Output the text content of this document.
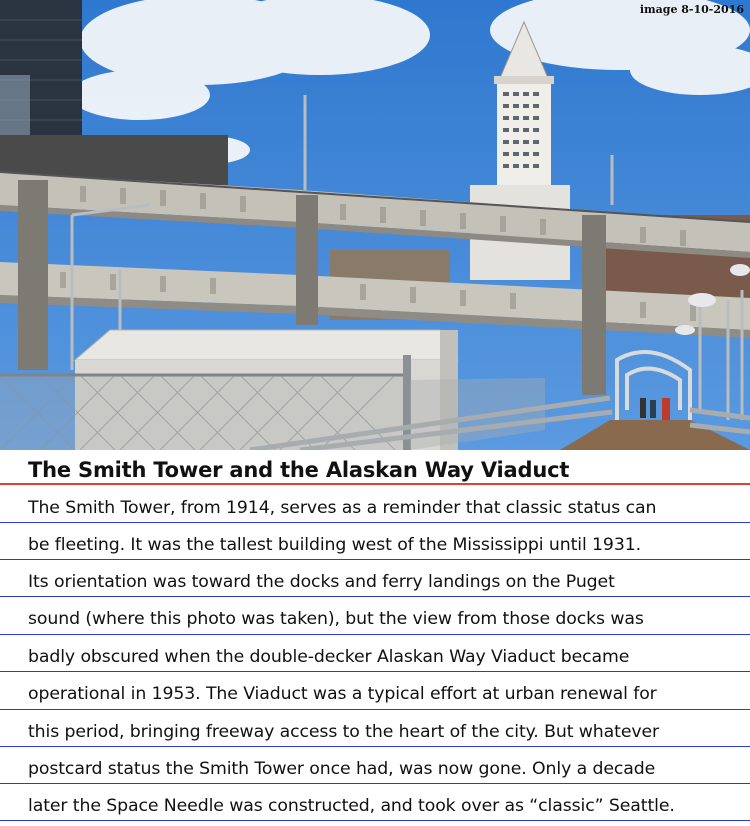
image 8-10-2016
The Smith Tower and the Alaskan Way Viaduct
The Smith Tower, from 1914, serves as a reminder that classic status can
be fleeting. It was the tallest building west of the Mississippi until 1931.
Its orientation was toward the docks and ferry landings on the Puget
sound (where this photo was taken), but the view from those docks was
badly obscured when the double-decker Alaskan Way Viaduct became
operational in 1953. The Viaduct was a typical effort at urban renewal for
this period, bringing freeway access to the heart of the city. But whatever
postcard status the Smith Tower once had, was now gone. Only a decade
later the Space Needle was constructed, and took over as “classic” Seattle.
